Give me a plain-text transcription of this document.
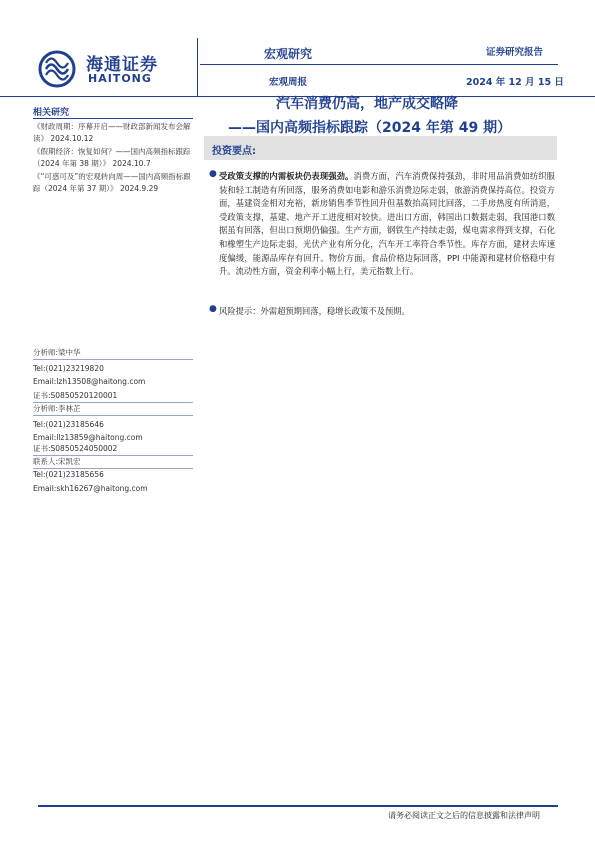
海通证券
HAITONG
宏观研究	证券研究报告
宏观周报	2024 年 12 月 15 日
汽车消费仍高，地产成交略降
——国内高频指标跟踪（2024 年第 49 期）
相关研究
《财政周期：序幕开启——财政部新闻发布会解读》 2024.10.12
《假期经济：恢复如何？——国内高频指标跟踪（2024 年第 38 期）》 2024.10.7
《“可惑可及”的宏观转向周——国内高频指标跟踪（2024 年第 37 期）》 2024.9.29
分析师:梁中华
Tel:(021)23219820
Email:lzh13508@haitong.com
证书:S0850520120001
分析师:李林芷
Tel:(021)23185646
Email:llz13859@haitong.com
证书:S0850524050002
联系人:宋凯宏
Tel:(021)23185656
Email:skh16267@haitong.com
投资要点:
● 受政策支撑的内需板块仍表现强劲。消费方面，汽车消费保持强劲，非时用品消费如纺织服装和轻工制造有所回落，服务消费如电影和游乐消费边际走弱，旅游消费保持高位。投资方面，基建资金相对充裕，新房销售季节性回升但基数抬高同比回落，二手房热度有所消退，受政策支撑，基建、地产开工进度相对较快。进出口方面，韩国出口数据走弱，我国港口数据虽有回落，但出口预期仍偏强。生产方面，钢铁生产持续走弱，煤电需求得到支撑，石化和橡塑生产边际走弱，光伏产业有所分化，汽车开工率符合季节性。库存方面，建材去库速度偏缓，能源品库存有回升。物价方面，食品价格边际回落，PPI 中能源和建材价格稳中有升。流动性方面，资金利率小幅上行，美元指数上行。
● 风险提示：外需超预期回落，稳增长政策不及预期。
请务必阅读正文之后的信息披露和法律声明
